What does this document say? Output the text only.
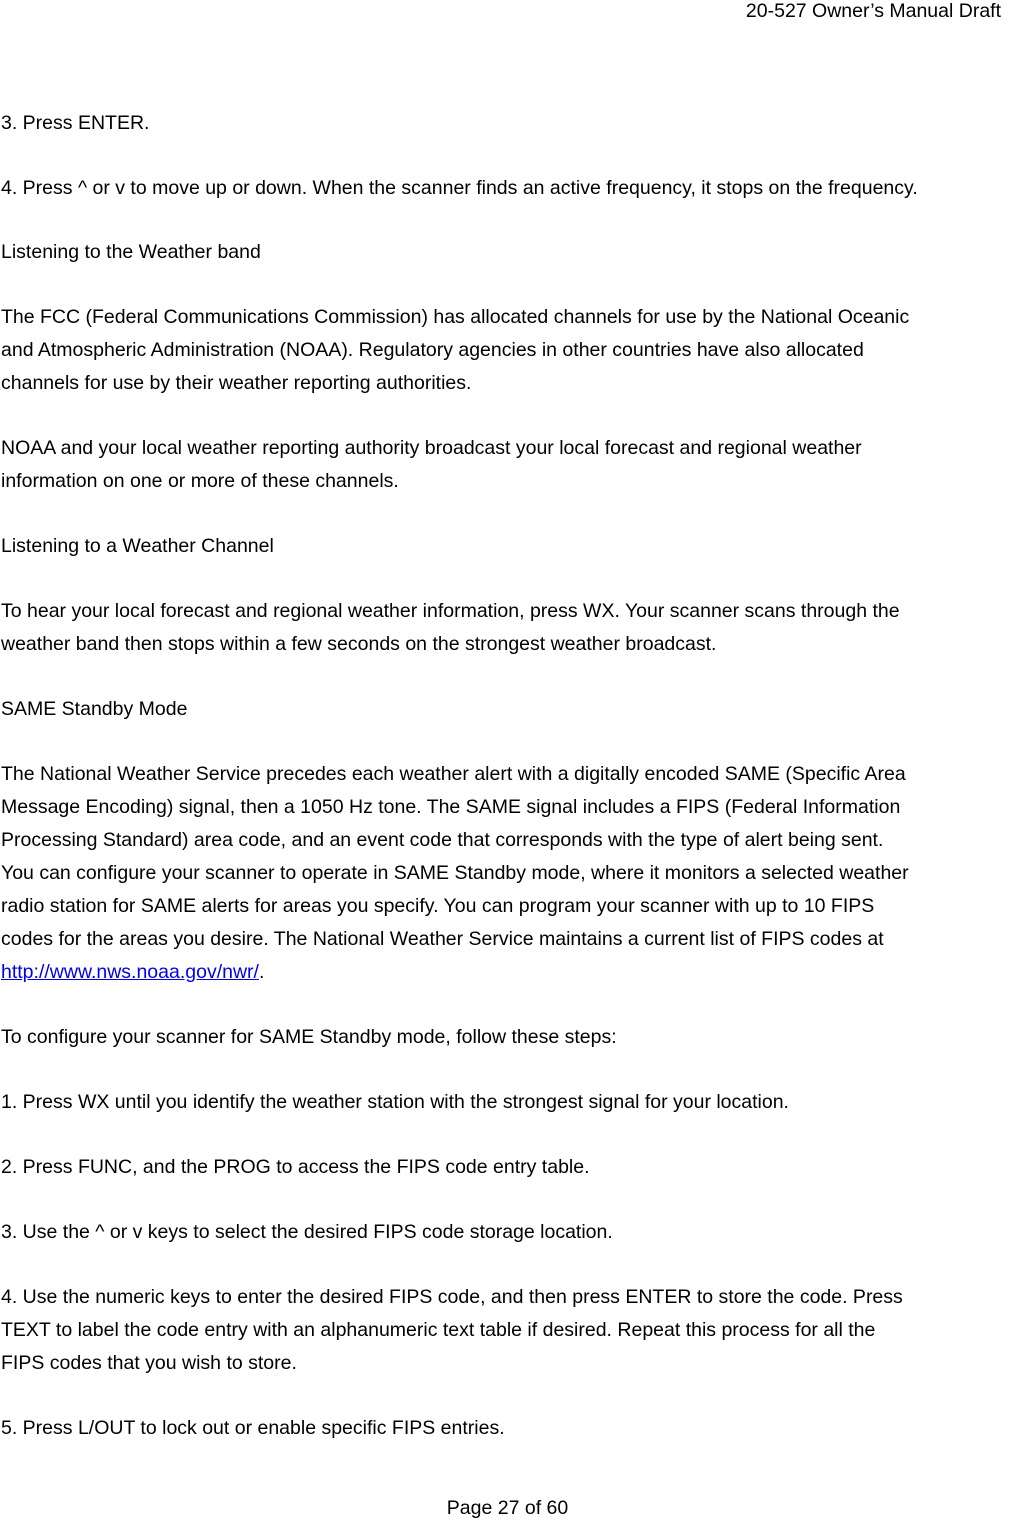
20-527 Owner’s Manual Draft
3. Press ENTER.
4. Press ^ or v to move up or down. When the scanner finds an active frequency, it stops on the frequency.
Listening to the Weather band
The FCC (Federal Communications Commission) has allocated channels for use by the National Oceanic
and Atmospheric Administration (NOAA). Regulatory agencies in other countries have also allocated
channels for use by their weather reporting authorities.
NOAA and your local weather reporting authority broadcast your local forecast and regional weather
information on one or more of these channels.
Listening to a Weather Channel
To hear your local forecast and regional weather information, press WX. Your scanner scans through the
weather band then stops within a few seconds on the strongest weather broadcast.
SAME Standby Mode
The National Weather Service precedes each weather alert with a digitally encoded SAME (Specific Area
Message Encoding) signal, then a 1050 Hz tone. The SAME signal includes a FIPS (Federal Information
Processing Standard) area code, and an event code that corresponds with the type of alert being sent.
You can configure your scanner to operate in SAME Standby mode, where it monitors a selected weather
radio station for SAME alerts for areas you specify. You can program your scanner with up to 10 FIPS
codes for the areas you desire. The National Weather Service maintains a current list of FIPS codes at
http://www.nws.noaa.gov/nwr/.
To configure your scanner for SAME Standby mode, follow these steps:
1. Press WX until you identify the weather station with the strongest signal for your location.
2. Press FUNC, and the PROG to access the FIPS code entry table.
3. Use the ^ or v keys to select the desired FIPS code storage location.
4. Use the numeric keys to enter the desired FIPS code, and then press ENTER to store the code. Press
TEXT to label the code entry with an alphanumeric text table if desired. Repeat this process for all the
FIPS codes that you wish to store.
5. Press L/OUT to lock out or enable specific FIPS entries.
Page 27 of 60
